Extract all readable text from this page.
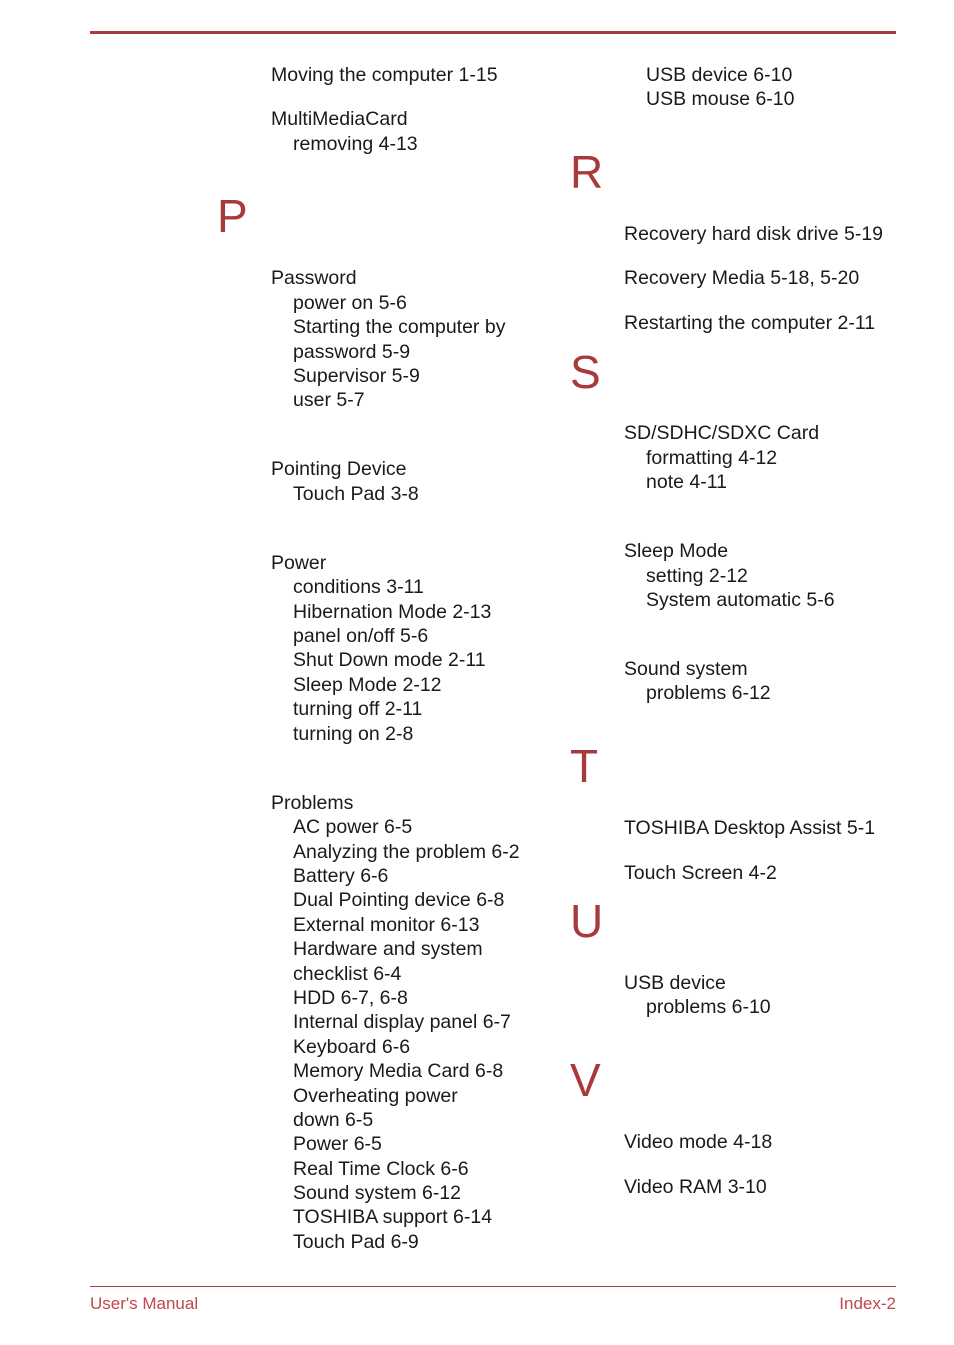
Moving the computer 1-15
MultiMediaCard
removing 4-13
P
Password
power on 5-6
Starting the computer by
password 5-9
Supervisor 5-9
user 5-7
Pointing Device
Touch Pad 3-8
Power
conditions 3-11
Hibernation Mode 2-13
panel on/off 5-6
Shut Down mode 2-11
Sleep Mode 2-12
turning off 2-11
turning on 2-8
Problems
AC power 6-5
Analyzing the problem 6-2
Battery 6-6
Dual Pointing device 6-8
External monitor 6-13
Hardware and system
checklist 6-4
HDD 6-7, 6-8
Internal display panel 6-7
Keyboard 6-6
Memory Media Card 6-8
Overheating power
down 6-5
Power 6-5
Real Time Clock 6-6
Sound system 6-12
TOSHIBA support 6-14
Touch Pad 6-9
USB device 6-10
USB mouse 6-10
R
Recovery hard disk drive 5-19
Recovery Media 5-18, 5-20
Restarting the computer 2-11
S
SD/SDHC/SDXC Card
formatting 4-12
note 4-11
Sleep Mode
setting 2-12
System automatic 5-6
Sound system
problems 6-12
T
TOSHIBA Desktop Assist 5-1
Touch Screen 4-2
U
USB device
problems 6-10
V
Video mode 4-18
Video RAM 3-10
User's Manual	Index-2
